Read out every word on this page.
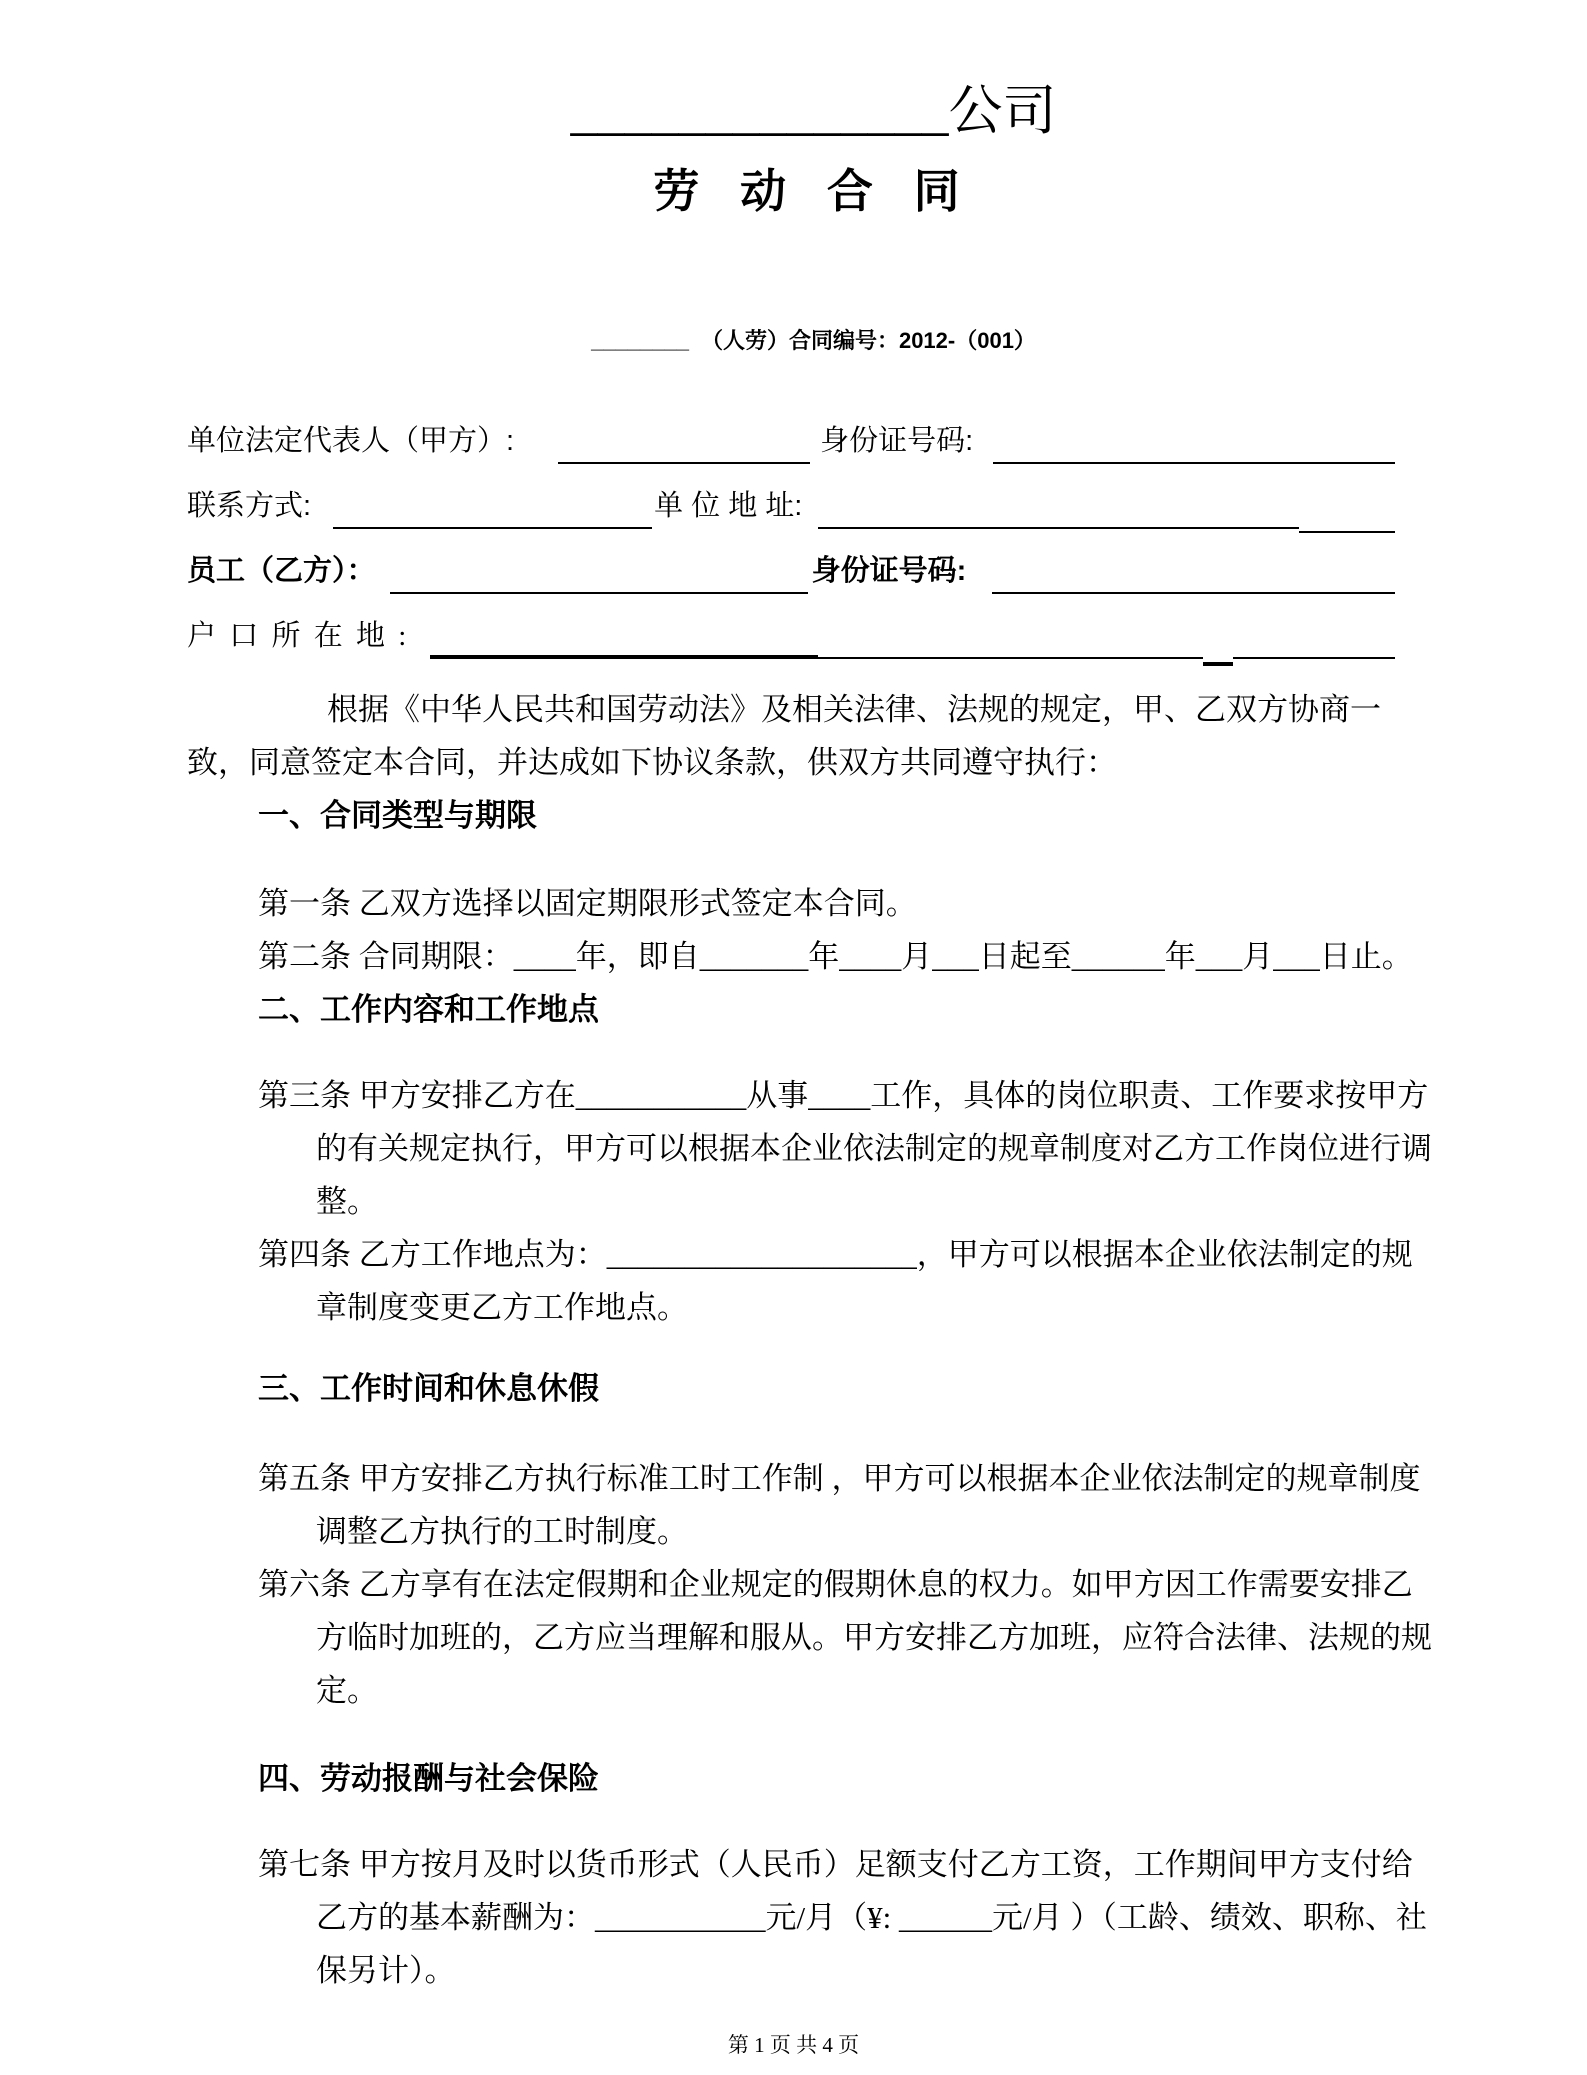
______________公司
劳 动 合 同
________ （人劳）合同编号：2012-（001）
单位法定代表人（甲方）:	身份证号码:
联系方式:	单 位 地 址:
员工（乙方）：	身份证号码:
户 口 所 在 地 :

根据《中华人民共和国劳动法》及相关法律、法规的规定，甲、乙双方协商一致，同意签定本合同，并达成如下协议条款，供双方共同遵守执行：

一、合同类型与期限

第一条 乙双方选择以固定期限形式签定本合同。

第二条 合同期限：____年，即自_______年____月___日起至______年___月___日止。

二、工作内容和工作地点

第三条 甲方安排乙方在___________从事____工作，具体的岗位职责、工作要求按甲方的有关规定执行，甲方可以根据本企业依法制定的规章制度对乙方工作岗位进行调整。

第四条 乙方工作地点为：____________________，甲方可以根据本企业依法制定的规章制度变更乙方工作地点。

三、工作时间和休息休假

第五条 甲方安排乙方执行标准工时工作制 ，甲方可以根据本企业依法制定的规章制度调整乙方执行的工时制度。

第六条 乙方享有在法定假期和企业规定的假期休息的权力。如甲方因工作需要安排乙方临时加班的，乙方应当理解和服从。甲方安排乙方加班，应符合法律、法规的规定。

四、劳动报酬与社会保险

第七条 甲方按月及时以货币形式（人民币）足额支付乙方工资，工作期间甲方支付给乙方的基本薪酬为：___________元/月（¥: ______元/月 ）（工龄、绩效、职称、社保另计）。

第 1 页 共 4 页
